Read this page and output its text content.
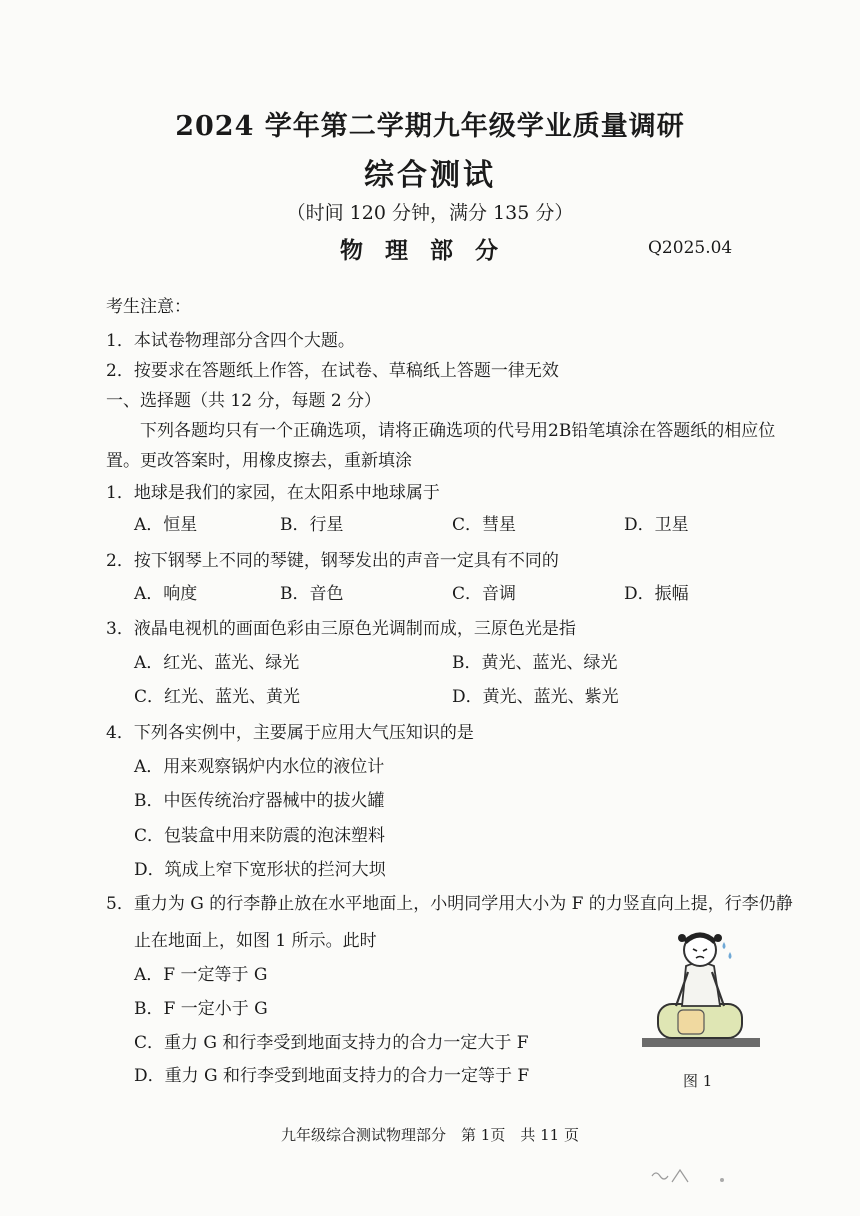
2024 学年第二学期九年级学业质量调研
综合测试
（时间 120 分钟，满分 135 分）
物理部分	Q2025.04
考生注意：
1．本试卷物理部分含四个大题。
2．按要求在答题纸上作答，在试卷、草稿纸上答题一律无效
一、选择题（共 12 分，每题 2 分）
下列各题均只有一个正确选项，请将正确选项的代号用2B铅笔填涂在答题纸的相应位
置。更改答案时，用橡皮擦去，重新填涂
1．地球是我们的家园，在太阳系中地球属于
A．恒星	B．行星	C．彗星	D．卫星
2．按下钢琴上不同的琴键，钢琴发出的声音一定具有不同的
A．响度	B．音色	C．音调	D．振幅
3．液晶电视机的画面色彩由三原色光调制而成，三原色光是指
A．红光、蓝光、绿光	B．黄光、蓝光、绿光
C．红光、蓝光、黄光	D．黄光、蓝光、紫光
4．下列各实例中，主要属于应用大气压知识的是
A．用来观察锅炉内水位的液位计
B．中医传统治疗器械中的拔火罐
C．包装盒中用来防震的泡沫塑料
D．筑成上窄下宽形状的拦河大坝
5．重力为 G 的行李静止放在水平地面上，小明同学用大小为 F 的力竖直向上提，行李仍静
止在地面上，如图 1 所示。此时
A．F 一定等于 G
B．F 一定小于 G
C．重力 G 和行李受到地面支持力的合力一定大于 F
D．重力 G 和行李受到地面支持力的合力一定等于 F	图 1
九年级综合测试物理部分　第 1页　共 11 页
